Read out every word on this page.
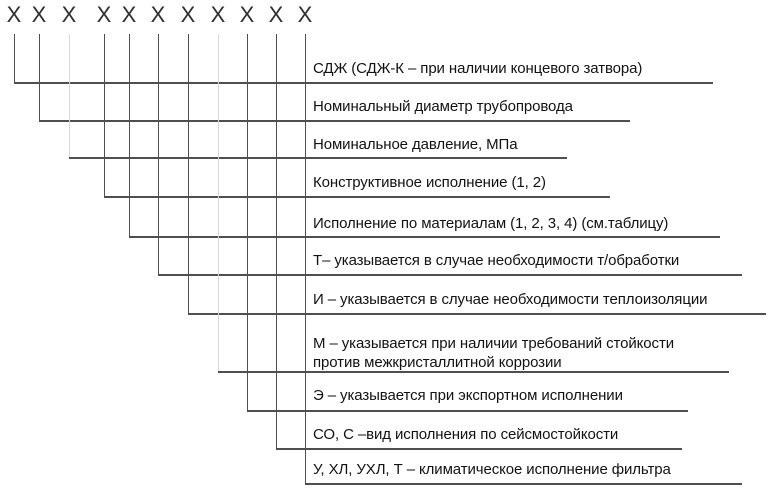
Х Х Х Х Х Х Х Х Х Х Х
СДЖ (СДЖ-К – при наличии концевого затвора)
Номинальный диаметр трубопровода
Номинальное давление, МПа
Конструктивное исполнение (1, 2)
Исполнение по материалам (1, 2, 3, 4) (см.таблицу)
Т– указывается в случае необходимости т/обработки
И – указывается в случае необходимости теплоизоляции
М – указывается при наличии требований стойкости
против межкристаллитной коррозии
Э – указывается при экспортном исполнении
СО, С –вид исполнения по сейсмостойкости
У, ХЛ, УХЛ, Т – климатическое исполнение фильтра
